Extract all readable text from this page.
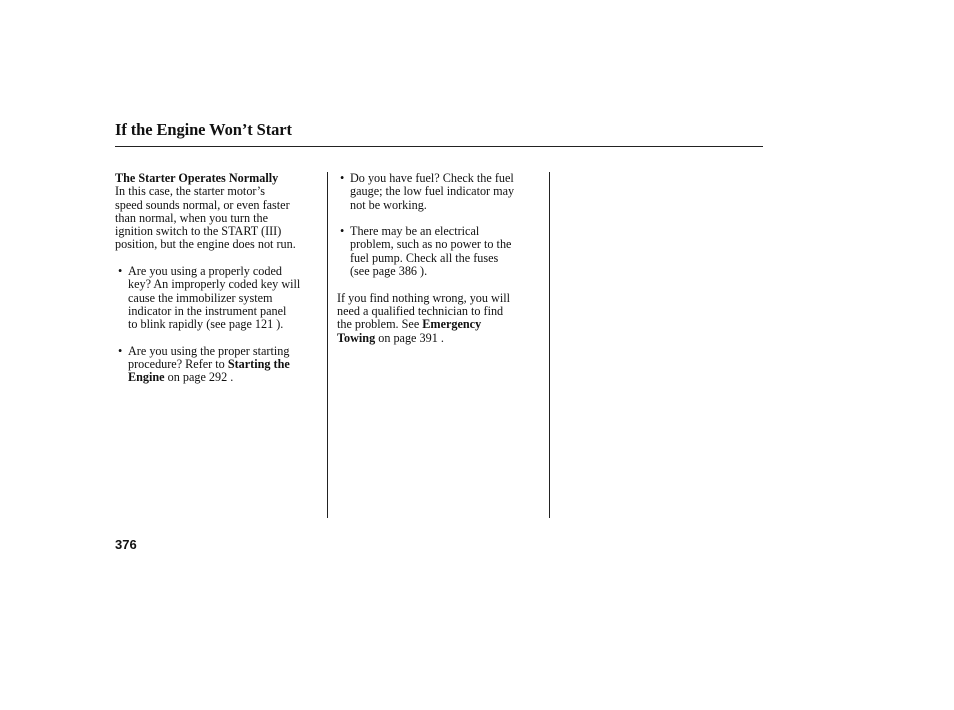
If the Engine Won’t Start
The Starter Operates Normally
In this case, the starter motor’s
speed sounds normal, or even faster
than normal, when you turn the
ignition switch to the START (III)
position, but the engine does not run.
• Are you using a properly coded
key? An improperly coded key will
cause the immobilizer system
indicator in the instrument panel
to blink rapidly (see page 121 ).
• Are you using the proper starting
procedure? Refer to Starting the
Engine on page 292 .
• Do you have fuel? Check the fuel
gauge; the low fuel indicator may
not be working.
• There may be an electrical
problem, such as no power to the
fuel pump. Check all the fuses
(see page 386 ).
If you find nothing wrong, you will
need a qualified technician to find
the problem. See Emergency
Towing on page 391 .
376
